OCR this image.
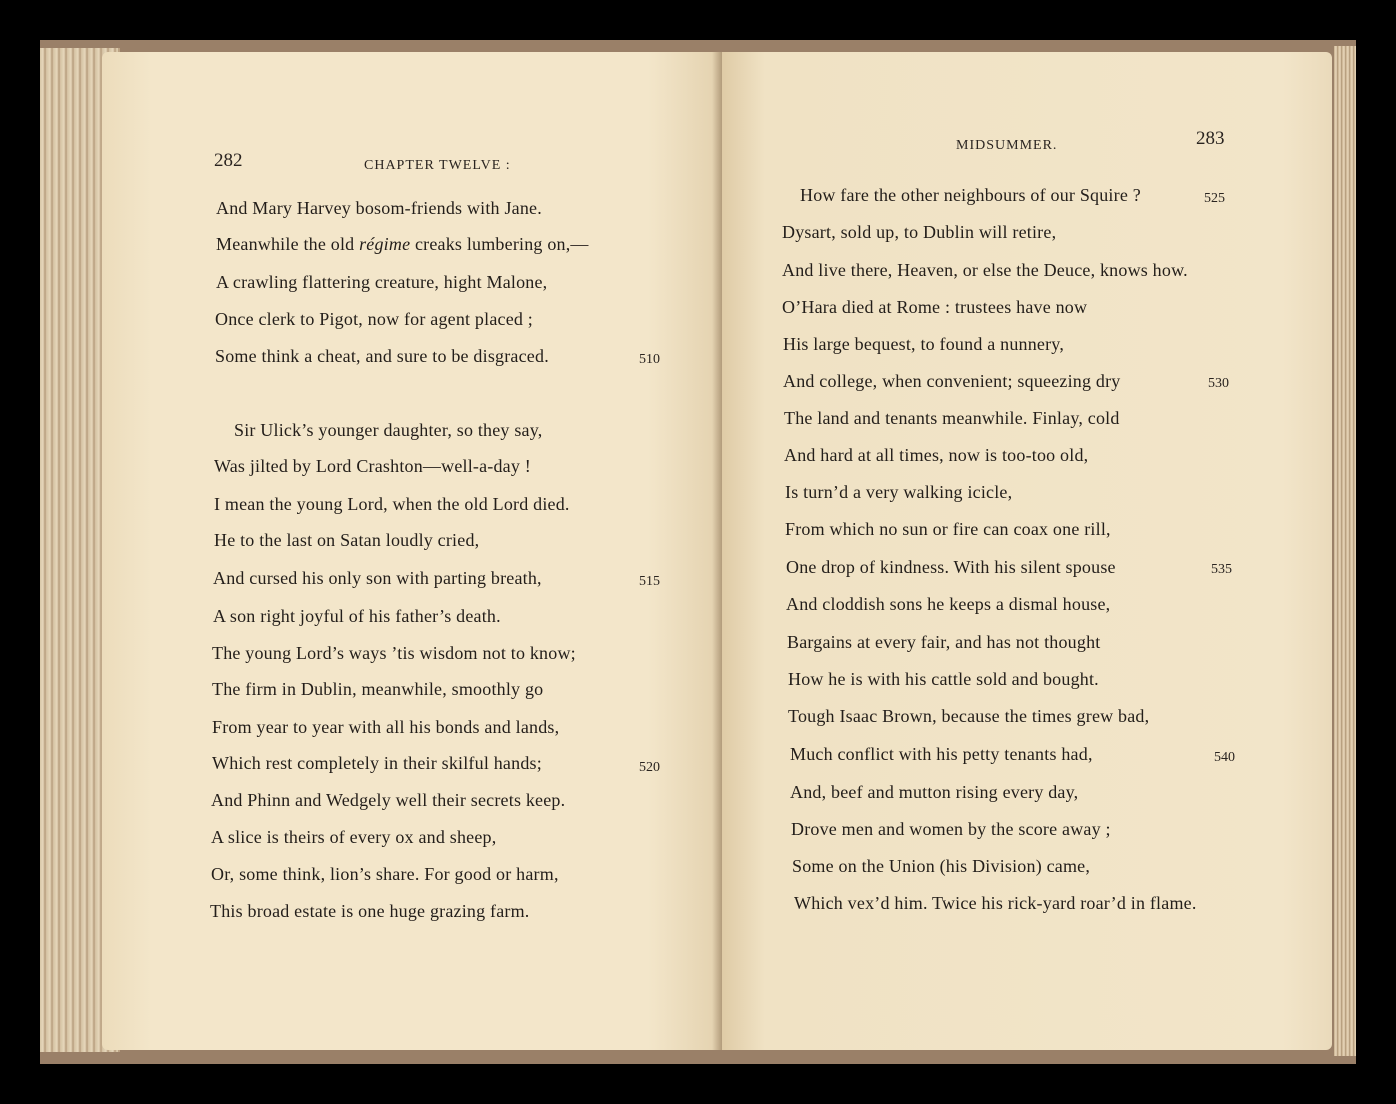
282	CHAPTER TWELVE :
And Mary Harvey bosom-friends with Jane.
Meanwhile the old régime creaks lumbering on,—
A crawling flattering creature, hight Malone,
Once clerk to Pigot, now for agent placed ;
Some think a cheat, and sure to be disgraced.	510
Sir Ulick’s younger daughter, so they say,
Was jilted by Lord Crashton—well-a-day !
I mean the young Lord, when the old Lord died.
He to the last on Satan loudly cried,
And cursed his only son with parting breath,	515
A son right joyful of his father’s death.
The young Lord’s ways ’tis wisdom not to know;
The firm in Dublin, meanwhile, smoothly go
From year to year with all his bonds and lands,
Which rest completely in their skilful hands;	520
And Phinn and Wedgely well their secrets keep.
A slice is theirs of every ox and sheep,
Or, some think, lion’s share. For good or harm,
This broad estate is one huge grazing farm.
MIDSUMMER.	283
How fare the other neighbours of our Squire ?	525
Dysart, sold up, to Dublin will retire,
And live there, Heaven, or else the Deuce, knows how.
O’Hara died at Rome : trustees have now
His large bequest, to found a nunnery,
And college, when convenient; squeezing dry	530
The land and tenants meanwhile. Finlay, cold
And hard at all times, now is too-too old,
Is turn’d a very walking icicle,
From which no sun or fire can coax one rill,
One drop of kindness. With his silent spouse	535
And cloddish sons he keeps a dismal house,
Bargains at every fair, and has not thought
How he is with his cattle sold and bought.
Tough Isaac Brown, because the times grew bad,
Much conflict with his petty tenants had,	540
And, beef and mutton rising every day,
Drove men and women by the score away ;
Some on the Union (his Division) came,
Which vex’d him. Twice his rick-yard roar’d in flame.
